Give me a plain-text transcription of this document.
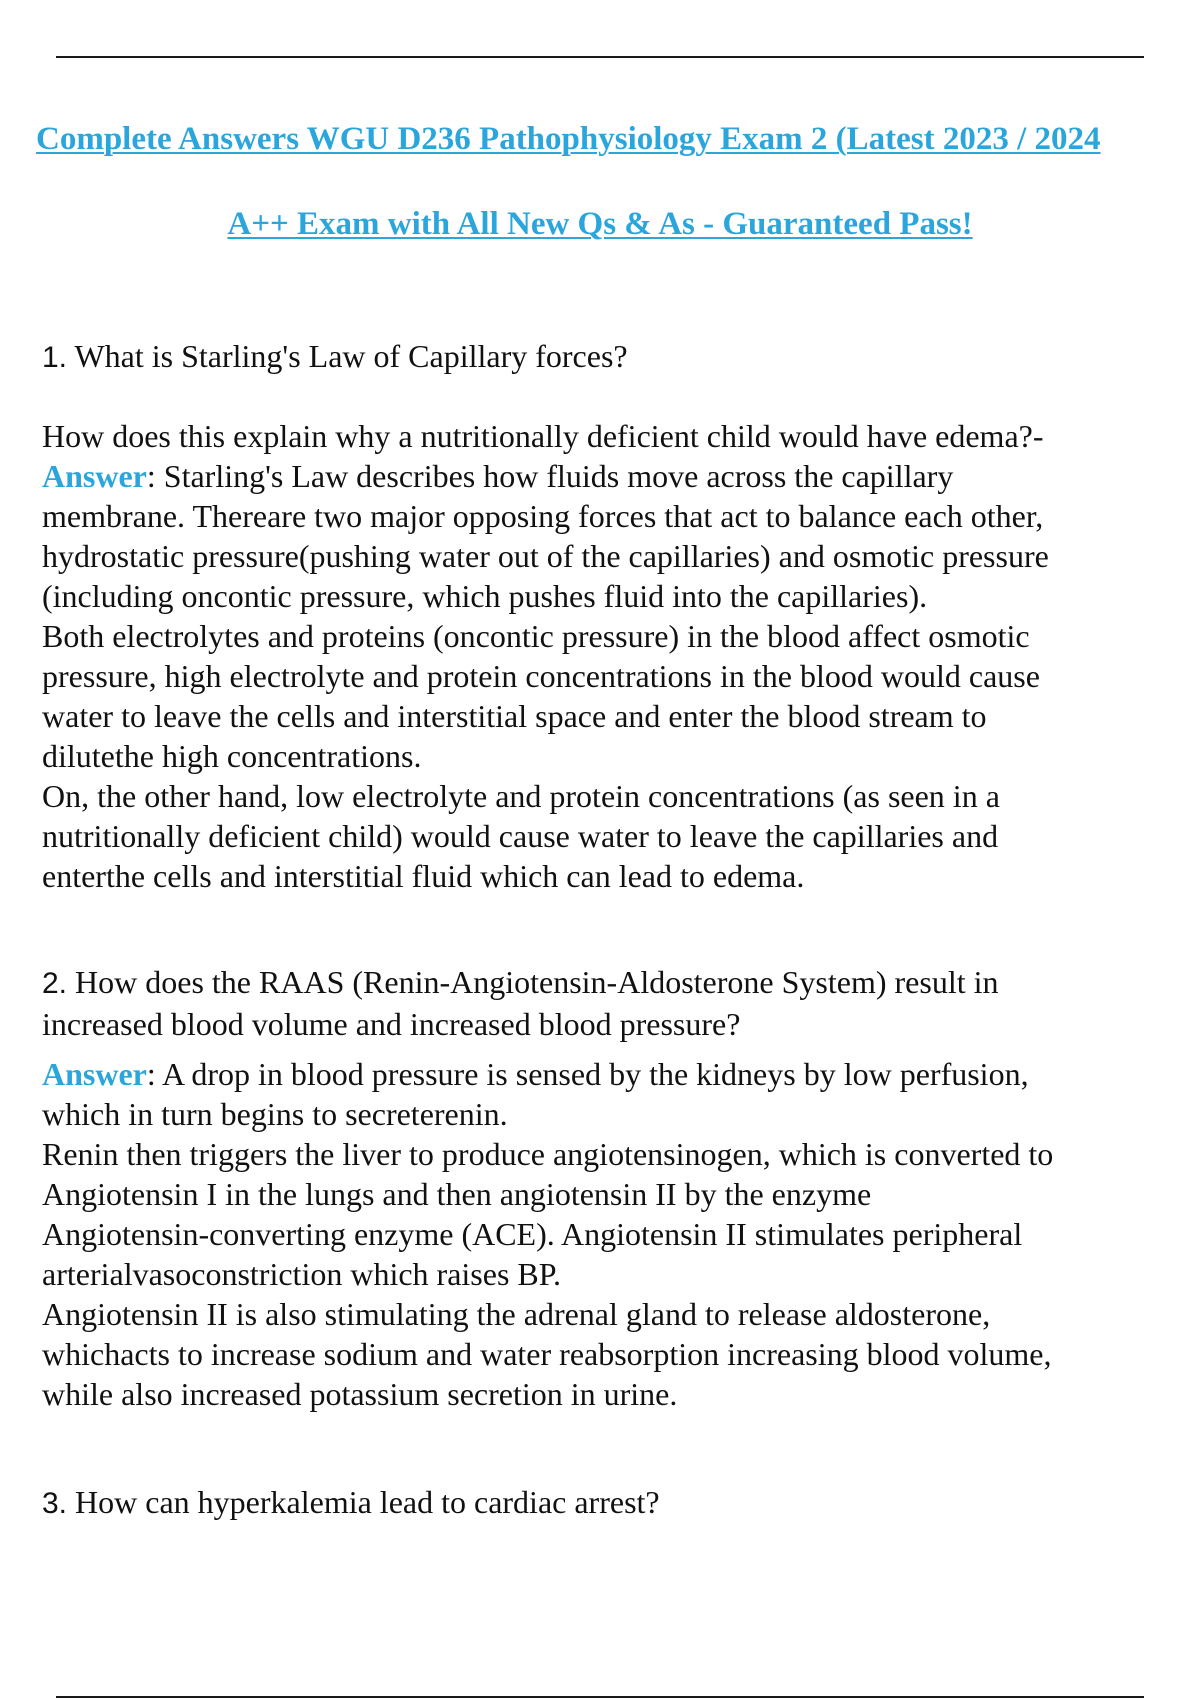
Complete Answers WGU D236 Pathophysiology Exam 2 (Latest 2023 / 2024
A++ Exam with All New Qs & As - Guaranteed Pass!

1. What is Starling's Law of Capillary forces?

How does this explain why a nutritionally deficient child would have edema?-

Answer: Starling's Law describes how fluids move across the capillary

membrane. Thereare two major opposing forces that act to balance each other,

hydrostatic pressure(pushing water out of the capillaries) and osmotic pressure

(including oncontic pressure, which pushes fluid into the capillaries).

Both electrolytes and proteins (oncontic pressure) in the blood affect osmotic

pressure, high electrolyte and protein concentrations in the blood would cause

water to leave the cells and interstitial space and enter the blood stream to

dilutethe high concentrations.

On, the other hand, low electrolyte and protein concentrations (as seen in a

nutritionally deficient child) would cause water to leave the capillaries and

enterthe cells and interstitial fluid which can lead to edema.

2. How does the RAAS (Renin-Angiotensin-Aldosterone System) result in

increased blood volume and increased blood pressure?

Answer: A drop in blood pressure is sensed by the kidneys by low perfusion,

which in turn begins to secreterenin.

Renin then triggers the liver to produce angiotensinogen, which is converted to

Angiotensin I in the lungs and then angiotensin II by the enzyme

Angiotensin-converting enzyme (ACE). Angiotensin II stimulates peripheral

arterialvasoconstriction which raises BP.

Angiotensin II is also stimulating the adrenal gland to release aldosterone,

whichacts to increase sodium and water reabsorption increasing blood volume,

while also increased potassium secretion in urine.

3. How can hyperkalemia lead to cardiac arrest?
